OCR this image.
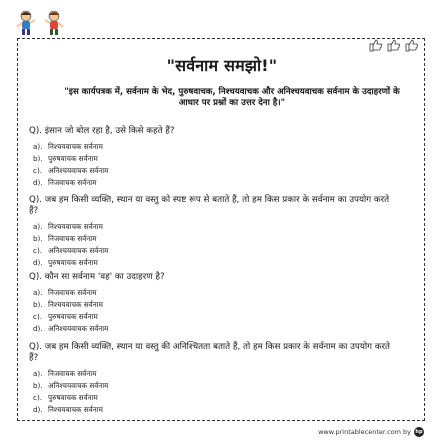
"सर्वनाम समझो!"
"इस कार्यपत्रक में, सर्वनाम के भेद, पुरुषवाचक, निश्चयवाचक और अनिश्चयवाचक सर्वनाम के उदाहरणों के आधार पर प्रश्नों का उत्तर देना है।"

Q). इंसान जो बोल रहा है, उसे किसे कहते हैं?

a). निश्चयवाचक सर्वनाम
b). पुरुषवाचक सर्वनाम
c). अनिश्चयवाचक सर्वनाम
d). निजवाचक सर्वनाम

Q). जब हम किसी व्यक्ति, स्थान या वस्तु को स्पष्ट रूप से बताते हैं, तो हम किस प्रकार के सर्वनाम का उपयोग करते हैं?

a). निश्चयवाचक सर्वनाम
b). निजवाचक सर्वनाम
c). अनिश्चयवाचक सर्वनाम
d). पुरुषवाचक सर्वनाम

Q). कौन सा सर्वनाम 'वह' का उदाहरण है?

a). निजवाचक सर्वनाम
b). निश्चयवाचक सर्वनाम
c). पुरुषवाचक सर्वनाम
d). अनिश्चयवाचक सर्वनाम

Q). जब हम किसी व्यक्ति, स्थान या वस्तु की अनिश्चितता बताते हैं, तो हम किस प्रकार के सर्वनाम का उपयोग करते हैं?

a). निजवाचक सर्वनाम
b). अनिश्चयवाचक सर्वनाम
c). पुरुषवाचक सर्वनाम
d). निश्चयवाचक सर्वनाम
www.printablecenter.com by hp
